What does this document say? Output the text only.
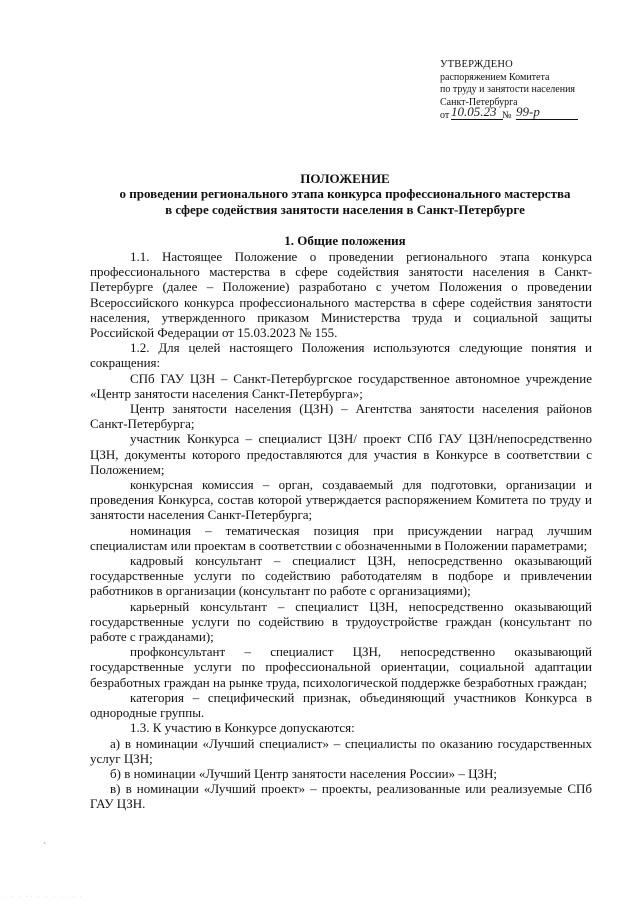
УТВЕРЖДЕНО
распоряжением Комитета
по труду и занятости населения
Санкт-Петербурга
от 10.05.23 № 99-р
ПОЛОЖЕНИЕ
о проведении регионального этапа конкурса профессионального мастерства
в сфере содействия занятости населения в Санкт-Петербурге
1. Общие положения

1.1. Настоящее Положение о проведении регионального этапа конкурса профессионального мастерства в сфере содействия занятости населения в Санкт-Петербурге (далее – Положение) разработано с учетом Положения о проведении Всероссийского конкурса профессионального мастерства в сфере содействия занятости населения, утвержденного приказом Министерства труда и социальной защиты Российской Федерации от 15.03.2023 № 155.

1.2. Для целей настоящего Положения используются следующие понятия и сокращения:

СПб ГАУ ЦЗН – Санкт-Петербургское государственное автономное учреждение «Центр занятости населения Санкт-Петербурга»;

Центр занятости населения (ЦЗН) – Агентства занятости населения районов Санкт-Петербурга;

участник Конкурса – специалист ЦЗН/ проект СПб ГАУ ЦЗН/непосредственно ЦЗН, документы которого предоставляются для участия в Конкурсе в соответствии с Положением;

конкурсная комиссия – орган, создаваемый для подготовки, организации и проведения Конкурса, состав которой утверждается распоряжением Комитета по труду и занятости населения Санкт-Петербурга;

номинация – тематическая позиция при присуждении наград лучшим специалистам или проектам в соответствии с обозначенными в Положении параметрами;

кадровый консультант – специалист ЦЗН, непосредственно оказывающий государственные услуги по содействию работодателям в подборе и привлечении работников в организации (консультант по работе с организациями);

карьерный консультант – специалист ЦЗН, непосредственно оказывающий государственные услуги по содействию в трудоустройстве граждан (консультант по работе с гражданами);

профконсультант – специалист ЦЗН, непосредственно оказывающий государственные услуги по профессиональной ориентации, социальной адаптации безработных граждан на рынке труда, психологической поддержке безработных граждан;

категория – специфический признак, объединяющий участников Конкурса в однородные группы.

1.3. К участию в Конкурсе допускаются:

а) в номинации «Лучший специалист» – специалисты по оказанию государственных услуг ЦЗН;

б) в номинации «Лучший Центр занятости населения России» – ЦЗН;

в) в номинации «Лучший проект» – проекты, реализованные или реализуемые СПб ГАУ ЦЗН.

`
· · · ·· · · · · ·· ·
